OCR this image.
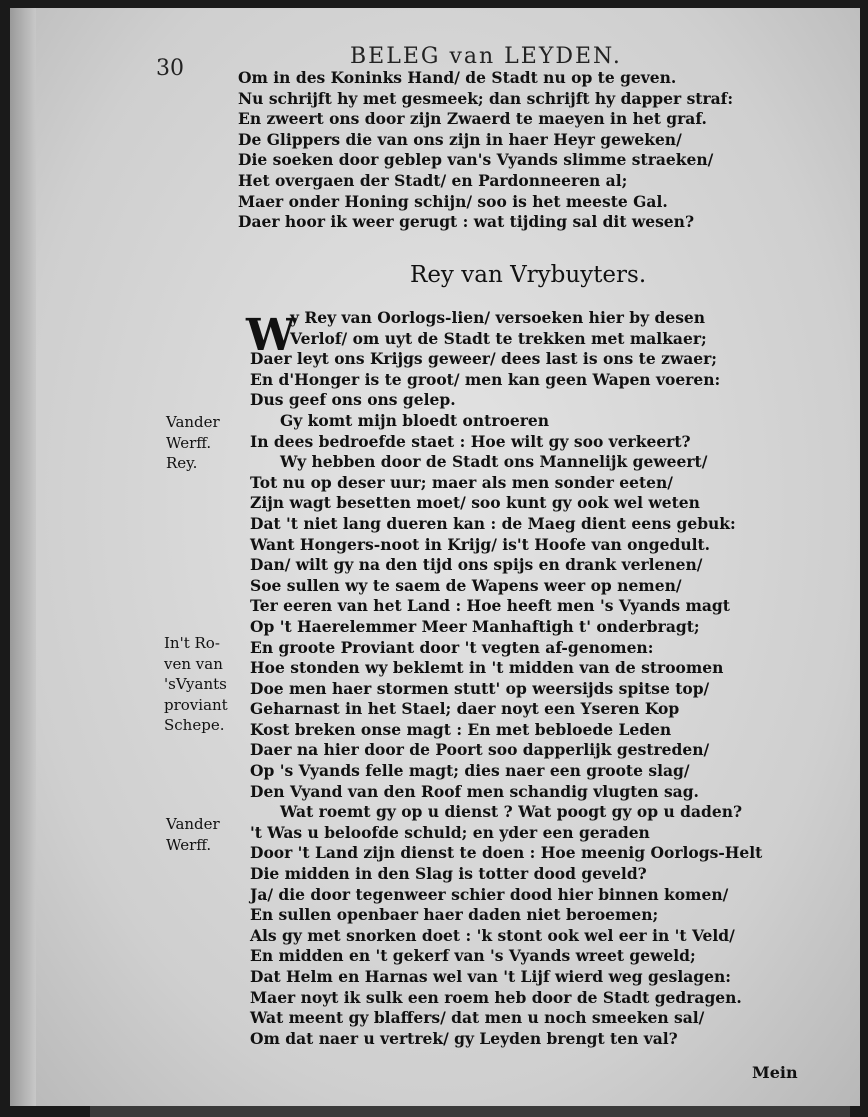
30	BELEG van LEYDEN.
Om in des Koninks Hand/ de Stadt nu op te geven.
Nu schrijft hy met gesmeek; dan schrijft hy dapper straf:
En zweert ons door zijn Zwaerd te maeyen in het graf.
De Glippers die van ons zijn in haer Heyr geweken/
Die soeken door geblep van's Vyands slimme straeken/
Het overgaen der Stadt/ en Pardonneeren al;
Maer onder Honing schijn/ soo is het meeste Gal.
Daer hoor ik weer gerugt : wat tijding sal dit wesen?
Rey van Vrybuyters.
W
y Rey van Oorlogs-lien/ versoeken hier by desen
Verlof/ om uyt de Stadt te trekken met malkaer;
Daer leyt ons Krijgs geweer/ dees last is ons te zwaer;
En d'Honger is te groot/ men kan geen Wapen voeren:
Dus geef ons ons gelep.
Gy komt mijn bloedt ontroeren
In dees bedroefde staet : Hoe wilt gy soo verkeert?
Wy hebben door de Stadt ons Mannelijk geweert/
Tot nu op deser uur; maer als men sonder eeten/
Zijn wagt besetten moet/ soo kunt gy ook wel weten
Dat 't niet lang dueren kan : de Maeg dient eens gebuk:
Want Hongers-noot in Krijg/ is't Hoofe van ongedult.
Dan/ wilt gy na den tijd ons spijs en drank verlenen/
Soe sullen wy te saem de Wapens weer op nemen/
Ter eeren van het Land : Hoe heeft men 's Vyands magt
Op 't Haerelemmer Meer Manhaftigh t' onderbragt;
En groote Proviant door 't vegten af-genomen:
Hoe stonden wy beklemt in 't midden van de stroomen
Doe men haer stormen stutt' op weersijds spitse top/
Geharnast in het Stael; daer noyt een Yseren Kop
Kost breken onse magt : En met bebloede Leden
Daer na hier door de Poort soo dapperlijk gestreden/
Op 's Vyands felle magt; dies naer een groote slag/
Den Vyand van den Roof men schandig vlugten sag.
Wat roemt gy op u dienst ? Wat poogt gy op u daden?
't Was u beloofde schuld; en yder een geraden
Door 't Land zijn dienst te doen : Hoe meenig Oorlogs-Helt
Die midden in den Slag is totter dood geveld?
Ja/ die door tegenweer schier dood hier binnen komen/
En sullen openbaer haer daden niet beroemen;
Als gy met snorken doet : 'k stont ook wel eer in 't Veld/
En midden en 't gekerf van 's Vyands wreet geweld;
Dat Helm en Harnas wel van 't Lijf wierd weg geslagen:
Maer noyt ik sulk een roem heb door de Stadt gedragen.
Wat meent gy blaffers/ dat men u noch smeeken sal/
Om dat naer u vertrek/ gy Leyden brengt ten val?
Vander
Werff.
Rey.
In't Ro-
ven van
'sVyants
proviant
Schepe.
Vander
Werff.
Mein
